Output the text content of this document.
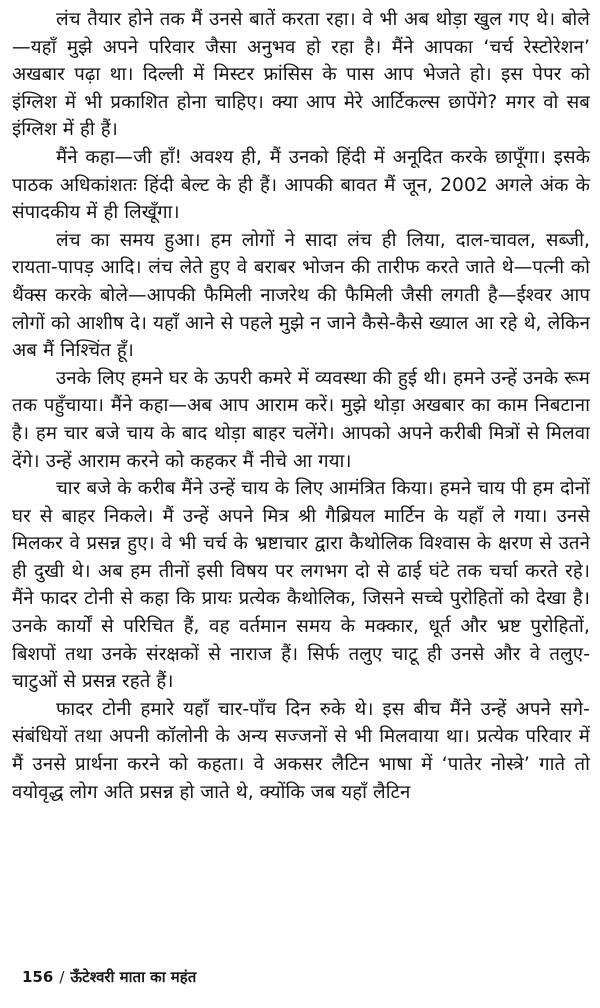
लंच तैयार होने तक मैं उनसे बातें करता रहा। वे भी अब थोड़ा खुल गए थे। बोले—यहाँ मुझे अपने परिवार जैसा अनुभव हो रहा है। मैंने आपका ‘चर्च रेस्टोरेशन’ अखबार पढ़ा था। दिल्ली में मिस्टर फ्रांसिस के पास आप भेजते हो। इस पेपर को इंग्लिश में भी प्रकाशित होना चाहिए। क्या आप मेरे आर्टिकल्स छापेंगे? मगर वो सब इंग्लिश में ही हैं।

मैंने कहा—जी हाँ! अवश्य ही, मैं उनको हिंदी में अनूदित करके छापूँगा। इसके पाठक अधिकांशतः हिंदी बेल्ट के ही हैं। आपकी बावत मैं जून, 2002 अगले अंक के संपादकीय में ही लिखूँगा।

लंच का समय हुआ। हम लोगों ने सादा लंच ही लिया, दाल-चावल, सब्जी, रायता-पापड़ आदि। लंच लेते हुए वे बराबर भोजन की तारीफ करते जाते थे—पत्नी को थैंक्स करके बोले—आपकी फैमिली नाजरेथ की फैमिली जैसी लगती है—ईश्वर आप लोगों को आशीष दे। यहाँ आने से पहले मुझे न जाने कैसे-कैसे ख्याल आ रहे थे, लेकिन अब मैं निश्चिंत हूँ।

उनके लिए हमने घर के ऊपरी कमरे में व्यवस्था की हुई थी। हमने उन्हें उनके रूम तक पहुँचाया। मैंने कहा—अब आप आराम करें। मुझे थोड़ा अखबार का काम निबटाना है। हम चार बजे चाय के बाद थोड़ा बाहर चलेंगे। आपको अपने करीबी मित्रों से मिलवा देंगे। उन्हें आराम करने को कहकर मैं नीचे आ गया।

चार बजे के करीब मैंने उन्हें चाय के लिए आमंत्रित किया। हमने चाय पी हम दोनों घर से बाहर निकले। मैं उन्हें अपने मित्र श्री गैब्रियल मार्टिन के यहाँ ले गया। उनसे मिलकर वे प्रसन्न हुए। वे भी चर्च के भ्रष्टाचार द्वारा कैथोलिक विश्वास के क्षरण से उतने ही दुखी थे। अब हम तीनों इसी विषय पर लगभग दो से ढाई घंटे तक चर्चा करते रहे। मैंने फादर टोनी से कहा कि प्रायः प्रत्येक कैथोलिक, जिसने सच्चे पुरोहितों को देखा है। उनके कार्यों से परिचित हैं, वह वर्तमान समय के मक्कार, धूर्त और भ्रष्ट पुरोहितों, बिशपों तथा उनके संरक्षकों से नाराज हैं। सिर्फ तलुए चाटू ही उनसे और वे तलुए-चाटुओं से प्रसन्न रहते हैं।

फादर टोनी हमारे यहाँ चार-पाँच दिन रुके थे। इस बीच मैंने उन्हें अपने सगे-संबंधियों तथा अपनी कॉलोनी के अन्य सज्जनों से भी मिलवाया था। प्रत्येक परिवार में मैं उनसे प्रार्थना करने को कहता। वे अकसर लैटिन भाषा में ‘पातेर नोस्त्रे’ गाते तो वयोवृद्ध लोग अति प्रसन्न हो जाते थे, क्योंकि जब यहाँ लैटिन

156 / ऊँटेश्वरी माता का महंत
